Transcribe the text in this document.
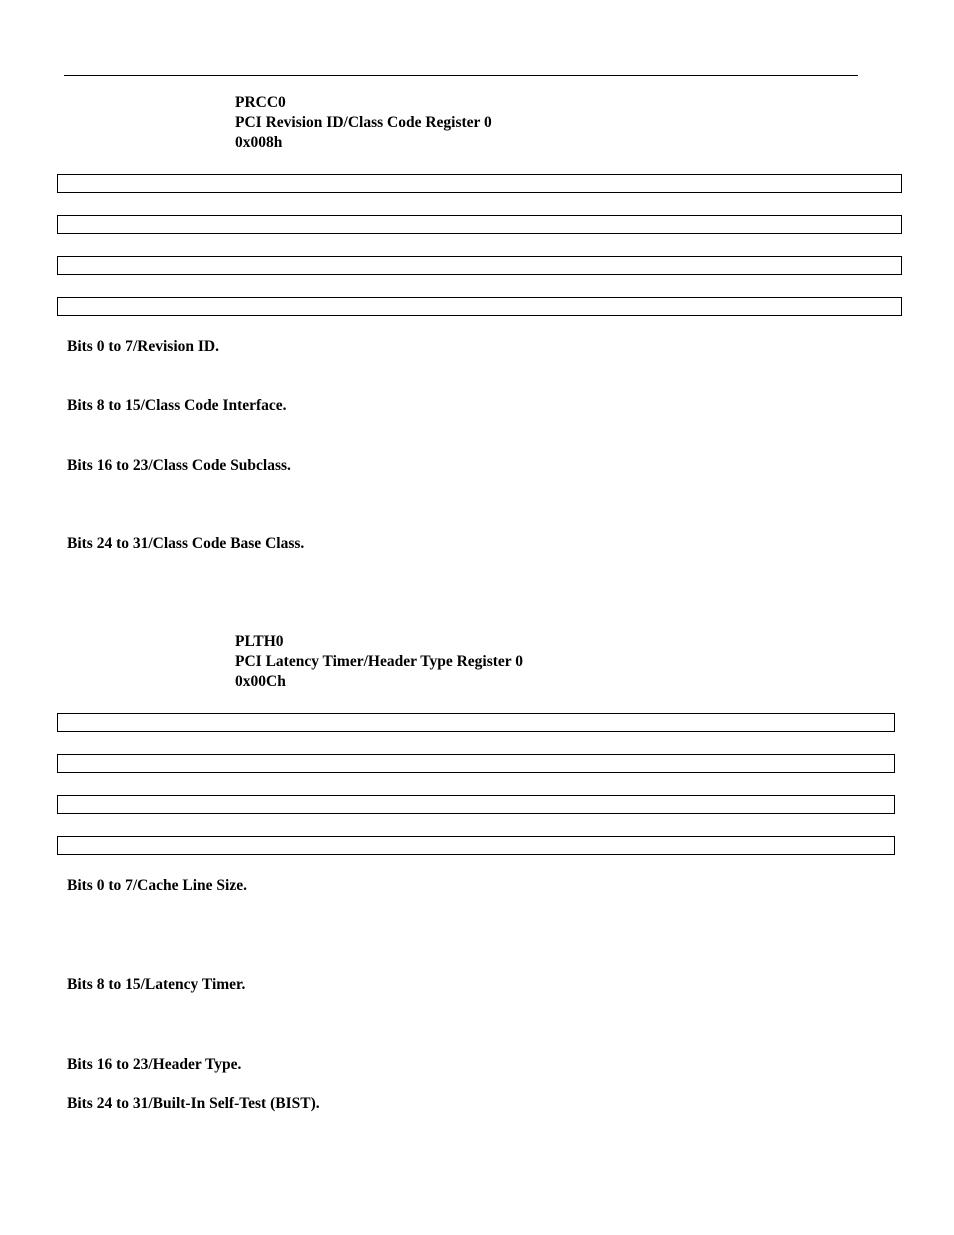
PRCC0
PCI Revision ID/Class Code Register 0
0x008h
Bits 0 to 7/Revision ID.
Bits 8 to 15/Class Code Interface.
Bits 16 to 23/Class Code Subclass.
Bits 24 to 31/Class Code Base Class.
PLTH0
PCI Latency Timer/Header Type Register 0
0x00Ch
Bits 0 to 7/Cache Line Size.
Bits 8 to 15/Latency Timer.
Bits 16 to 23/Header Type.
Bits 24 to 31/Built-In Self-Test (BIST).
